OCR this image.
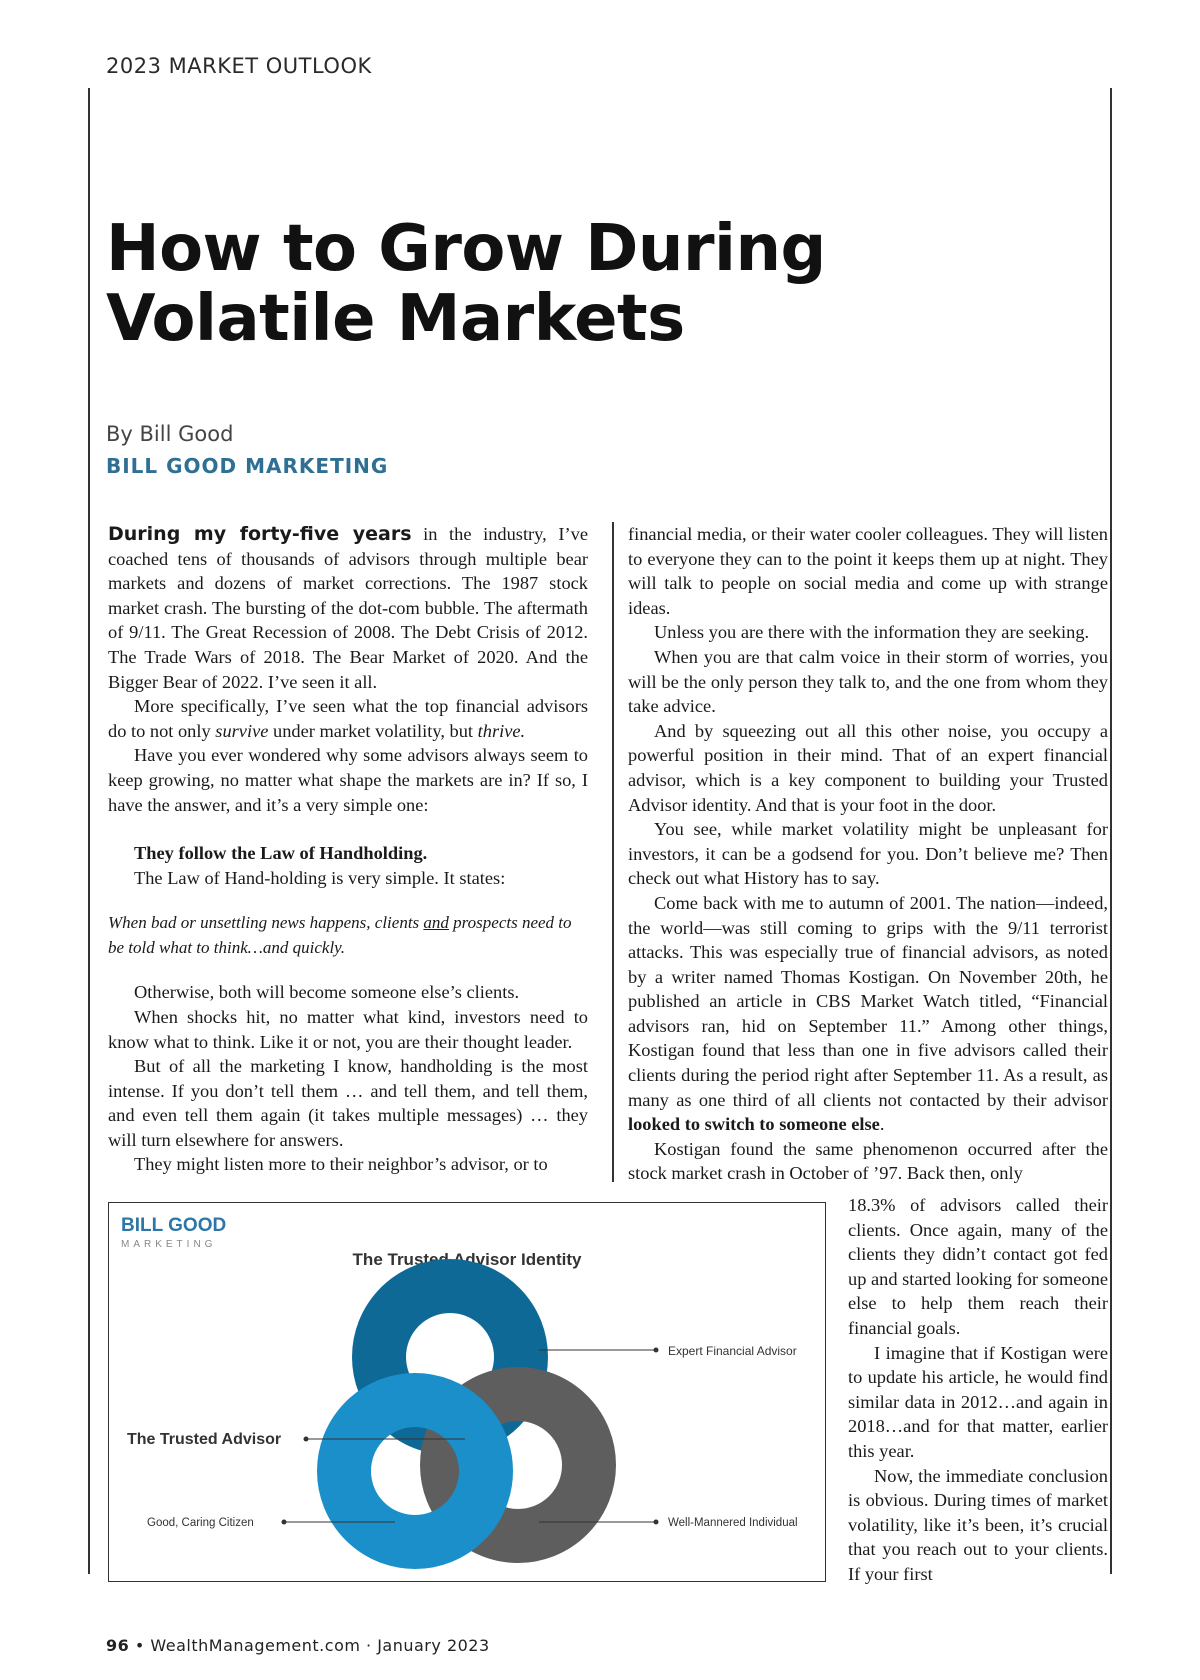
2023 MARKET OUTLOOK
How to Grow During Volatile Markets
By Bill Good
BILL GOOD MARKETING

During my forty-five years in the industry, I’ve coached tens of thousands of advisors through multiple bear markets and dozens of market corrections. The 1987 stock market crash. The bursting of the dot-com bubble. The aftermath of 9/11. The Great Recession of 2008. The Debt Crisis of 2012. The Trade Wars of 2018. The Bear Market of 2020. And the Bigger Bear of 2022. I’ve seen it all.

More specifically, I’ve seen what the top financial advisors do to not only survive under market volatility, but thrive.

Have you ever wondered why some advisors always seem to keep growing, no matter what shape the markets are in? If so, I have the answer, and it’s a very simple one:

They follow the Law of Handholding.

The Law of Hand-holding is very simple. It states:

When bad or unsettling news happens, clients and prospects need to be told what to think…and quickly.

Otherwise, both will become someone else’s clients.

When shocks hit, no matter what kind, investors need to know what to think. Like it or not, you are their thought leader.

But of all the marketing I know, handholding is the most intense. If you don’t tell them … and tell them, and tell them, and even tell them again (it takes multiple messages) … they will turn elsewhere for answers.

They might listen more to their neighbor’s advisor, or to

financial media, or their water cooler colleagues. They will listen to everyone they can to the point it keeps them up at night. They will talk to people on social media and come up with strange ideas.

Unless you are there with the information they are seeking.

When you are that calm voice in their storm of worries, you will be the only person they talk to, and the one from whom they take advice.

And by squeezing out all this other noise, you occupy a powerful position in their mind. That of an expert financial advisor, which is a key component to building your Trusted Advisor identity. And that is your foot in the door.

You see, while market volatility might be unpleasant for investors, it can be a godsend for you. Don’t believe me? Then check out what History has to say.

Come back with me to autumn of 2001. The nation—indeed, the world—was still coming to grips with the 9/11 terrorist attacks. This was especially true of financial advisors, as noted by a writer named Thomas Kostigan. On November 20th, he published an article in CBS Market Watch titled, “Financial advisors ran, hid on September 11.” Among other things, Kostigan found that less than one in five advisors called their clients during the period right after September 11. As a result, as many as one third of all clients not contacted by their advisor looked to switch to someone else.

Kostigan found the same phenomenon occurred after the stock market crash in October of ’97. Back then, only

18.3% of advisors called their clients. Once again, many of the clients they didn’t contact got fed up and started looking for someone else to help them reach their financial goals.

I imagine that if Kostigan were to update his article, he would find similar data in 2012…and again in 2018…and for that matter, earlier this year.

Now, the immediate conclusion is obvious. During times of market volatility, like it’s been, it’s crucial that you reach out to your clients. If your first

BILL GOOD
MARKETING
The Trusted Advisor Identity
Expert Financial Advisor
The Trusted Advisor
Good, Caring Citizen	Well-Mannered Individual
96 • WealthManagement.com · January 2023
